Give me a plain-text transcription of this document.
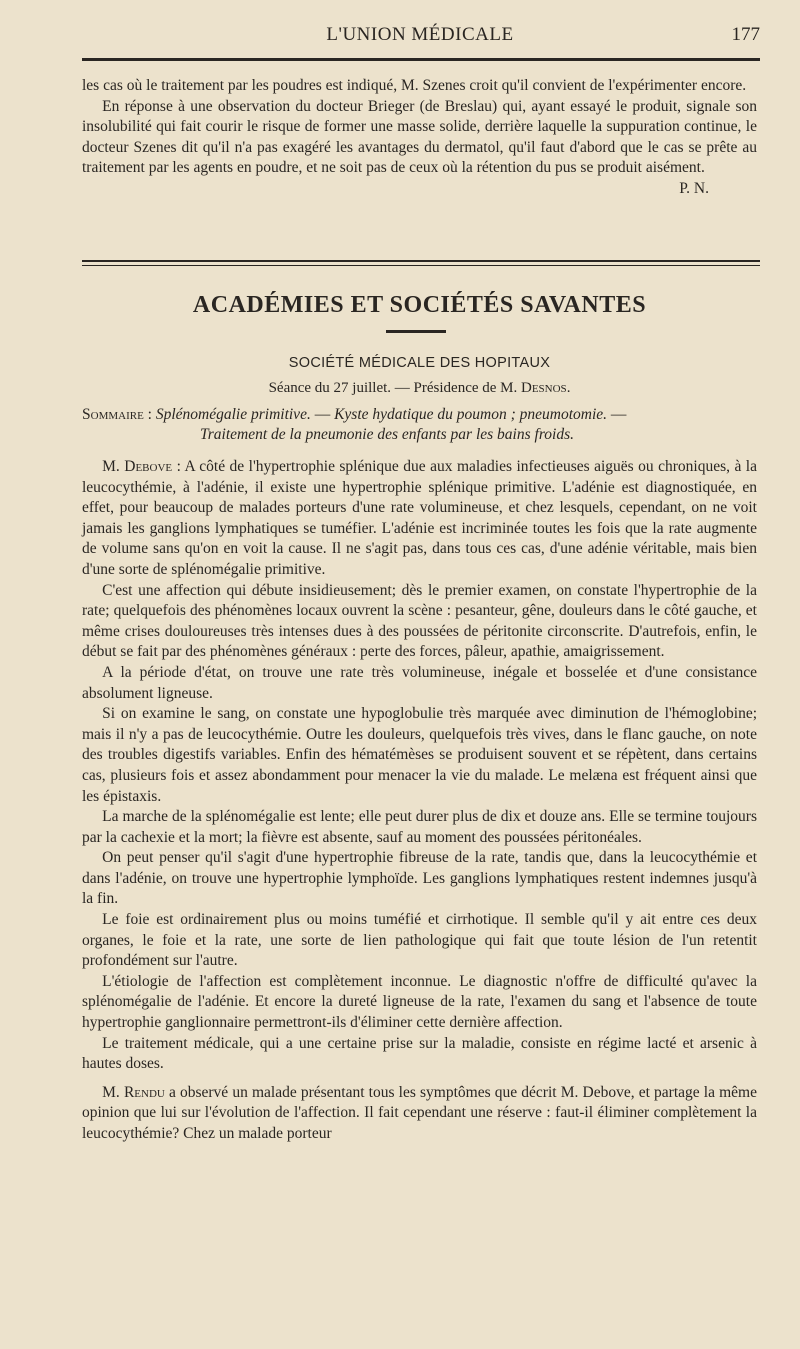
L'UNION MÉDICALE	177

les cas où le traitement par les poudres est indiqué, M. Szenes croit qu'il convient de l'expérimenter encore.

En réponse à une observation du docteur Brieger (de Breslau) qui, ayant essayé le produit, signale son insolubilité qui fait courir le risque de former une masse solide, derrière laquelle la suppuration continue, le docteur Szenes dit qu'il n'a pas exagéré les avantages du dermatol, qu'il faut d'abord que le cas se prête au traitement par les agents en poudre, et ne soit pas de ceux où la rétention du pus se produit aisément.

P. N.

ACADÉMIES ET SOCIÉTÉS SAVANTES
SOCIÉTÉ MÉDICALE DES HOPITAUX
Séance du 27 juillet. — Présidence de M. Desnos.
Sommaire : Splénomégalie primitive. — Kyste hydatique du poumon ; pneumotomie. —
Traitement de la pneumonie des enfants par les bains froids.

M. Debove : A côté de l'hypertrophie splénique due aux maladies infectieuses aiguës ou chroniques, à la leucocythémie, à l'adénie, il existe une hypertrophie splénique primitive. L'adénie est diagnostiquée, en effet, pour beaucoup de malades porteurs d'une rate volumineuse, et chez lesquels, cependant, on ne voit jamais les ganglions lymphatiques se tuméfier. L'adénie est incriminée toutes les fois que la rate augmente de volume sans qu'on en voit la cause. Il ne s'agit pas, dans tous ces cas, d'une adénie véritable, mais bien d'une sorte de splénomégalie primitive.

C'est une affection qui débute insidieusement; dès le premier examen, on constate l'hypertrophie de la rate; quelquefois des phénomènes locaux ouvrent la scène : pesanteur, gêne, douleurs dans le côté gauche, et même crises douloureuses très intenses dues à des poussées de péritonite circonscrite. D'autrefois, enfin, le début se fait par des phénomènes généraux : perte des forces, pâleur, apathie, amaigrissement.

A la période d'état, on trouve une rate très volumineuse, inégale et bosselée et d'une consistance absolument ligneuse.

Si on examine le sang, on constate une hypoglobulie très marquée avec diminution de l'hémoglobine; mais il n'y a pas de leucocythémie. Outre les douleurs, quelquefois très vives, dans le flanc gauche, on note des troubles digestifs variables. Enfin des hématémèses se produisent souvent et se répètent, dans certains cas, plusieurs fois et assez abondamment pour menacer la vie du malade. Le melæna est fréquent ainsi que les épistaxis.

La marche de la splénomégalie est lente; elle peut durer plus de dix et douze ans. Elle se termine toujours par la cachexie et la mort; la fièvre est absente, sauf au moment des poussées péritonéales.

On peut penser qu'il s'agit d'une hypertrophie fibreuse de la rate, tandis que, dans la leucocythémie et dans l'adénie, on trouve une hypertrophie lymphoïde. Les ganglions lymphatiques restent indemnes jusqu'à la fin.

Le foie est ordinairement plus ou moins tuméfié et cirrhotique. Il semble qu'il y ait entre ces deux organes, le foie et la rate, une sorte de lien pathologique qui fait que toute lésion de l'un retentit profondément sur l'autre.

L'étiologie de l'affection est complètement inconnue. Le diagnostic n'offre de difficulté qu'avec la splénomégalie de l'adénie. Et encore la dureté ligneuse de la rate, l'examen du sang et l'absence de toute hypertrophie ganglionnaire permettront-ils d'éliminer cette dernière affection.

Le traitement médicale, qui a une certaine prise sur la maladie, consiste en régime lacté et arsenic à hautes doses.

M. Rendu a observé un malade présentant tous les symptômes que décrit M. Debove, et partage la même opinion que lui sur l'évolution de l'affection. Il fait cependant une réserve : faut-il éliminer complètement la leucocythémie? Chez un malade porteur
